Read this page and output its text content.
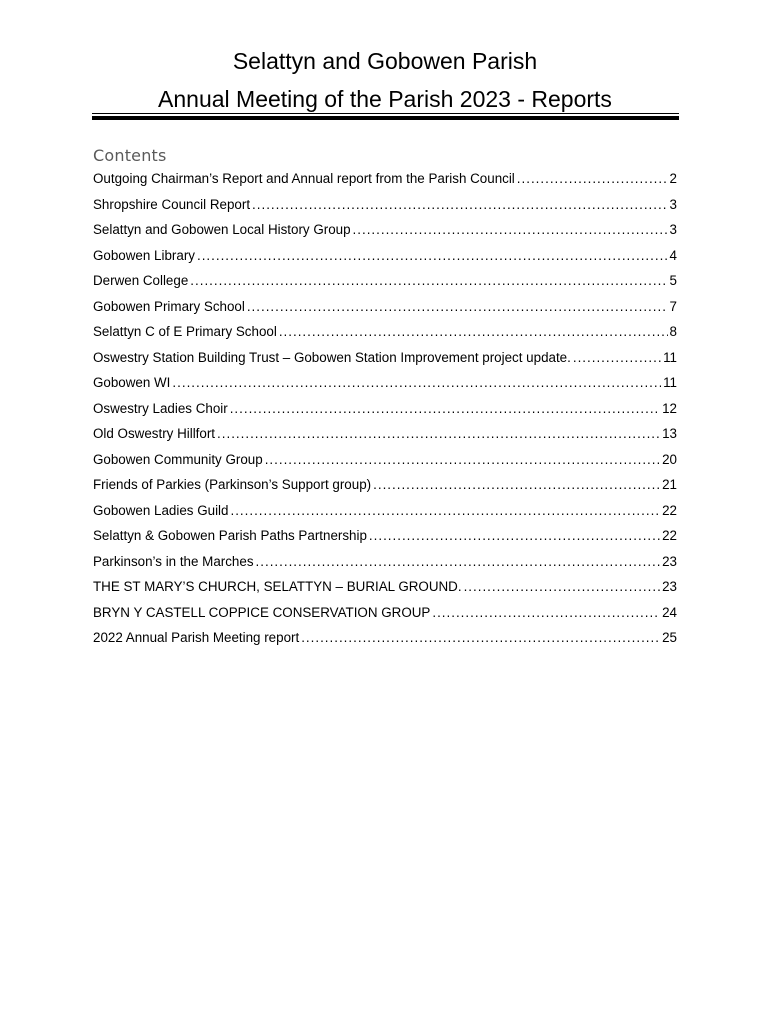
Selattyn and Gobowen Parish
Annual Meeting of the Parish 2023 - Reports
Contents
Outgoing Chairman’s Report and Annual report from the Parish Council .....	2
Shropshire Council Report .....	3
Selattyn and Gobowen Local History Group .....	3
Gobowen Library .....	4
Derwen College .....	5
Gobowen Primary School .....	7
Selattyn C of E Primary School .....	8
Oswestry Station Building Trust – Gobowen Station Improvement project update. .....	11
Gobowen WI .....	11
Oswestry Ladies Choir .....	12
Old Oswestry Hillfort .....	13
Gobowen Community Group .....	20
Friends of Parkies (Parkinson’s Support group) .....	21
Gobowen Ladies Guild .....	22
Selattyn & Gobowen Parish Paths Partnership .....	22
Parkinson’s in the Marches .....	23
THE ST MARY’S CHURCH, SELATTYN – BURIAL GROUND. .....	23
BRYN Y CASTELL COPPICE CONSERVATION GROUP .....	24
2022 Annual Parish Meeting report .....	25
